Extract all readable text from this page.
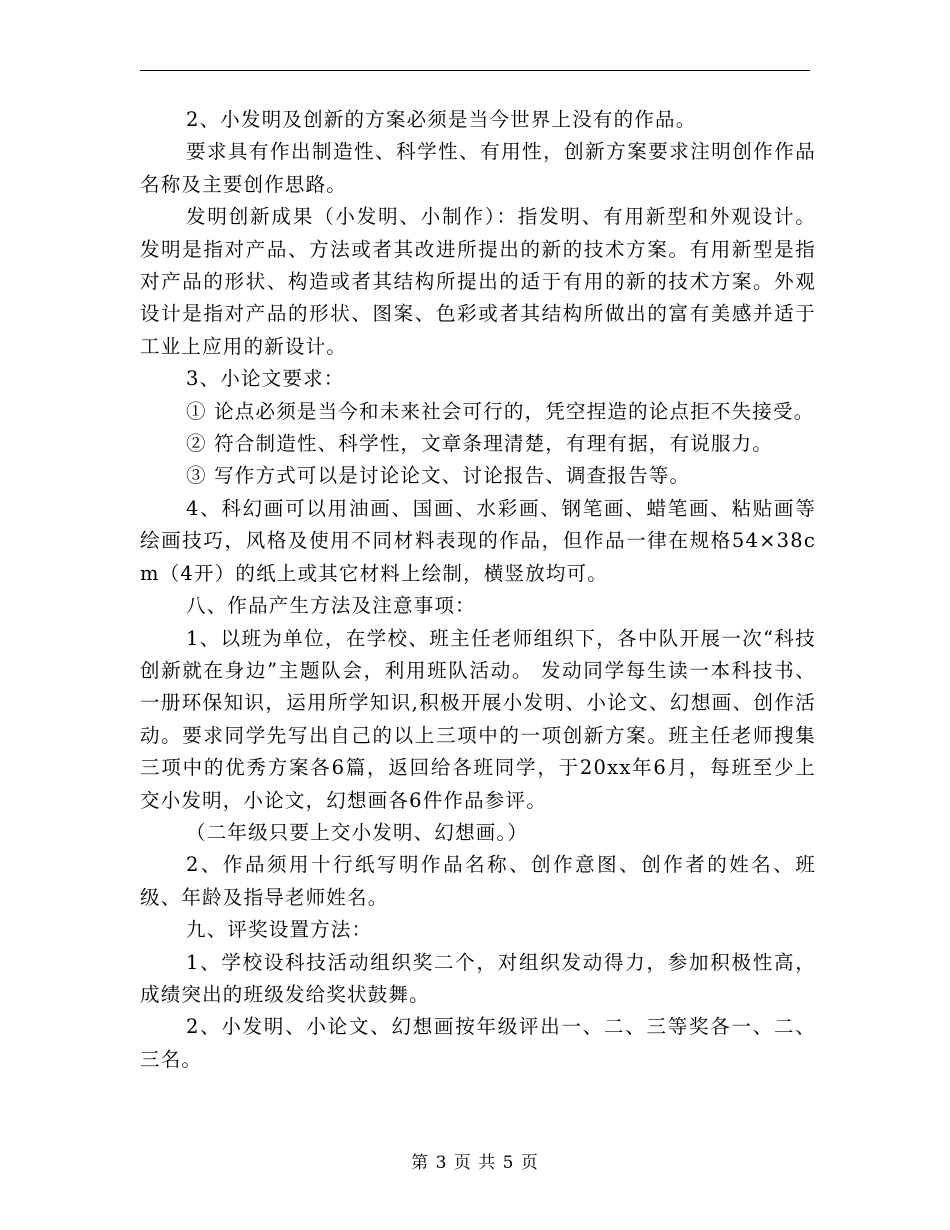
2、小发明及创新的方案必须是当今世界上没有的作品。

要求具有作出制造性、科学性、有用性，创新方案要求注明创作作品名称及主要创作思路。

发明创新成果（小发明、小制作）：指发明、有用新型和外观设计。发明是指对产品、方法或者其改进所提出的新的技术方案。有用新型是指对产品的形状、构造或者其结构所提出的适于有用的新的技术方案。外观设计是指对产品的形状、图案、色彩或者其结构所做出的富有美感并适于工业上应用的新设计。

3、小论文要求：

① 论点必须是当今和未来社会可行的，凭空捏造的论点拒不失接受。

② 符合制造性、科学性，文章条理清楚，有理有据，有说服力。

③ 写作方式可以是讨论论文、讨论报告、调查报告等。

4、科幻画可以用油画、国画、水彩画、钢笔画、蜡笔画、粘贴画等绘画技巧，风格及使用不同材料表现的作品，但作品一律在规格54×38cm（4开）的纸上或其它材料上绘制，横竖放均可。

八、作品产生方法及注意事项：

1、以班为单位，在学校、班主任老师组织下，各中队开展一次“科技创新就在身边”主题队会，利用班队活动。 发动同学每生读一本科技书、一册环保知识，运用所学知识,积极开展小发明、小论文、幻想画、创作活动。要求同学先写出自己的以上三项中的一项创新方案。班主任老师搜集三项中的优秀方案各6篇，返回给各班同学，于20xx年6月，每班至少上交小发明，小论文，幻想画各6件作品参评。

（二年级只要上交小发明、幻想画。）

2、作品须用十行纸写明作品名称、创作意图、创作者的姓名、班级、年龄及指导老师姓名。

九、评奖设置方法：

1、学校设科技活动组织奖二个，对组织发动得力，参加积极性高，成绩突出的班级发给奖状鼓舞。

2、小发明、小论文、幻想画按年级评出一、二、三等奖各一、二、三名。

第 3 页 共 5 页
